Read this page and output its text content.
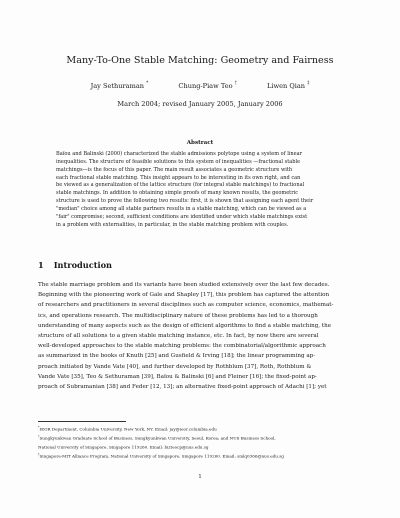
Many-To-One Stable Matching: Geometry and Fairness
Jay Sethuraman *	Chung-Piaw Teo †	Liwen Qian ‡
March 2004; revised January 2005, January 2006
Abstract
Baïou and Balinski (2000) characterized the stable admissions polytope using a system of linear
inequalities. The structure of feasible solutions to this system of inequalities —fractional stable
matchings—is the focus of this paper. The main result associates a geometric structure with
each fractional stable matching. This insight appears to be interesting in its own right, and can
be viewed as a generalization of the lattice structure (for integral stable matchings) to fractional
stable matchings. In addition to obtaining simple proofs of many known results, the geometric
structure is used to prove the following two results: first, it is shown that assigning each agent their
"median" choice among all stable partners results in a stable matching, which can be viewed as a
"fair" compromise; second, sufficient conditions are identified under which stable matchings exist
in a problem with externalities, in particular, in the stable matching problem with couples.
1 Introduction
The stable marriage problem and its variants have been studied extensively over the last few decades.
Beginning with the pioneering work of Gale and Shapley [17], this problem has captured the attention
of researchers and practitioners in several disciplines such as computer science, economics, mathemat-
ics, and operations research. The multidisciplinary nature of these problems has led to a thorough
understanding of many aspects such as the design of efficient algorithms to find a stable matching, the
structure of all solutions to a given stable matching instance, etc. In fact, by now there are several
well-developed approaches to the stable matching problems: the combinatorial/algorithmic approach
as summarized in the books of Knuth [25] and Gusfield & Irving [18]; the linear programming ap-
proach initiated by Vande Vate [40], and further developed by Rothblum [37], Roth, Rothblum &
Vande Vate [35], Teo & Sethuraman [39], Baïou & Balinski [6] and Fleiner [16]; the fixed-point ap-
proach of Subramanian [38] and Feder [12, 13]; an alternative fixed-point approach of Adachi [1]; yet
*IEOR Department, Columbia University, New York, NY. Email: jay@ieor.columbia.edu
†Sungkyunkwan Graduate School of Business, Sungkyunkwan University, Seoul, Korea; and NUS Business School,
National University of Singapore, Singapore 119260. Email: bizteocp@nus.edu.sg
‡Singapore-MIT Alliance Program, National University of Singapore, Singapore 119260. Email: smlq0366@nus.edu.sg
1
